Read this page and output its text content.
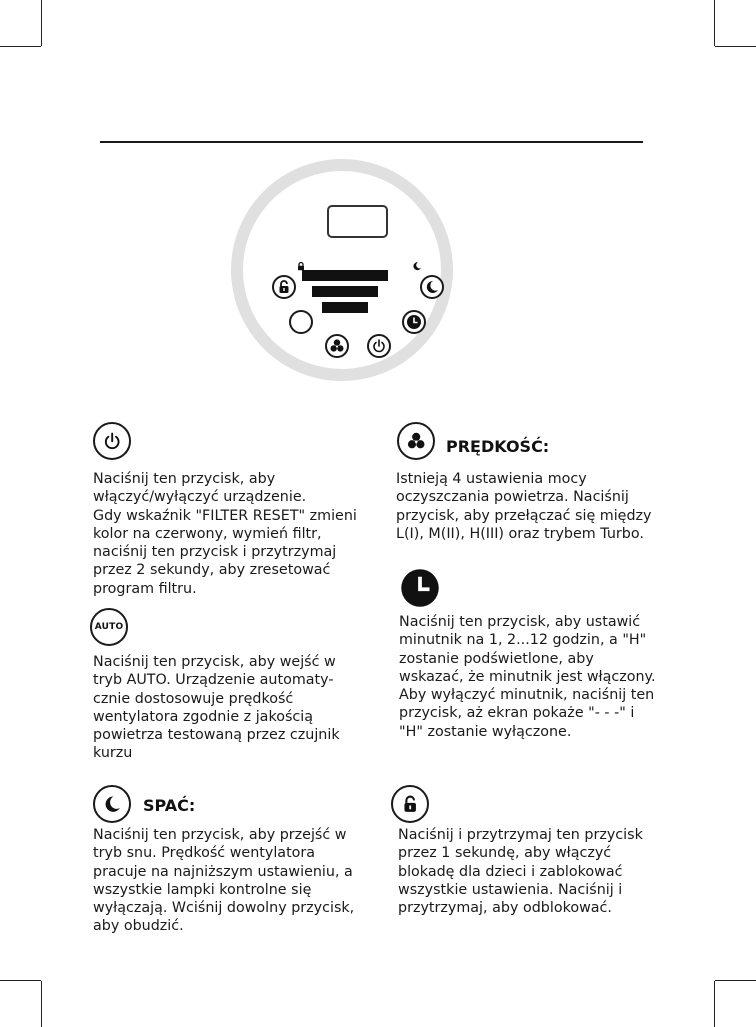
z
Naciśnij ten przycisk, aby
włączyć/wyłączyć urządzenie.
Gdy wskaźnik "FILTER RESET" zmieni
kolor na czerwony, wymień filtr,
naciśnij ten przycisk i przytrzymaj
przez 2 sekundy, aby zresetować
program filtru.
PRĘDKOŚĆ:
Istnieją 4 ustawienia mocy
oczyszczania powietrza. Naciśnij
przycisk, aby przełączać się między
L(I), M(II), H(III) oraz trybem Turbo.
AUTO
Naciśnij ten przycisk, aby wejść w
tryb AUTO. Urządzenie automaty-
cznie dostosowuje prędkość
wentylatora zgodnie z jakością
powietrza testowaną przez czujnik
kurzu
Naciśnij ten przycisk, aby ustawić
minutnik na 1, 2...12 godzin, a "H"
zostanie podświetlone, aby
wskazać, że minutnik jest włączony.
Aby wyłączyć minutnik, naciśnij ten
przycisk, aż ekran pokaże "- - -" i
"H" zostanie wyłączone.
z SPAĆ:
Naciśnij ten przycisk, aby przejść w
tryb snu. Prędkość wentylatora
pracuje na najniższym ustawieniu, a
wszystkie lampki kontrolne się
wyłączają. Wciśnij dowolny przycisk,
aby obudzić.
Naciśnij i przytrzymaj ten przycisk
przez 1 sekundę, aby włączyć
blokadę dla dzieci i zablokować
wszystkie ustawienia. Naciśnij i
przytrzymaj, aby odblokować.
